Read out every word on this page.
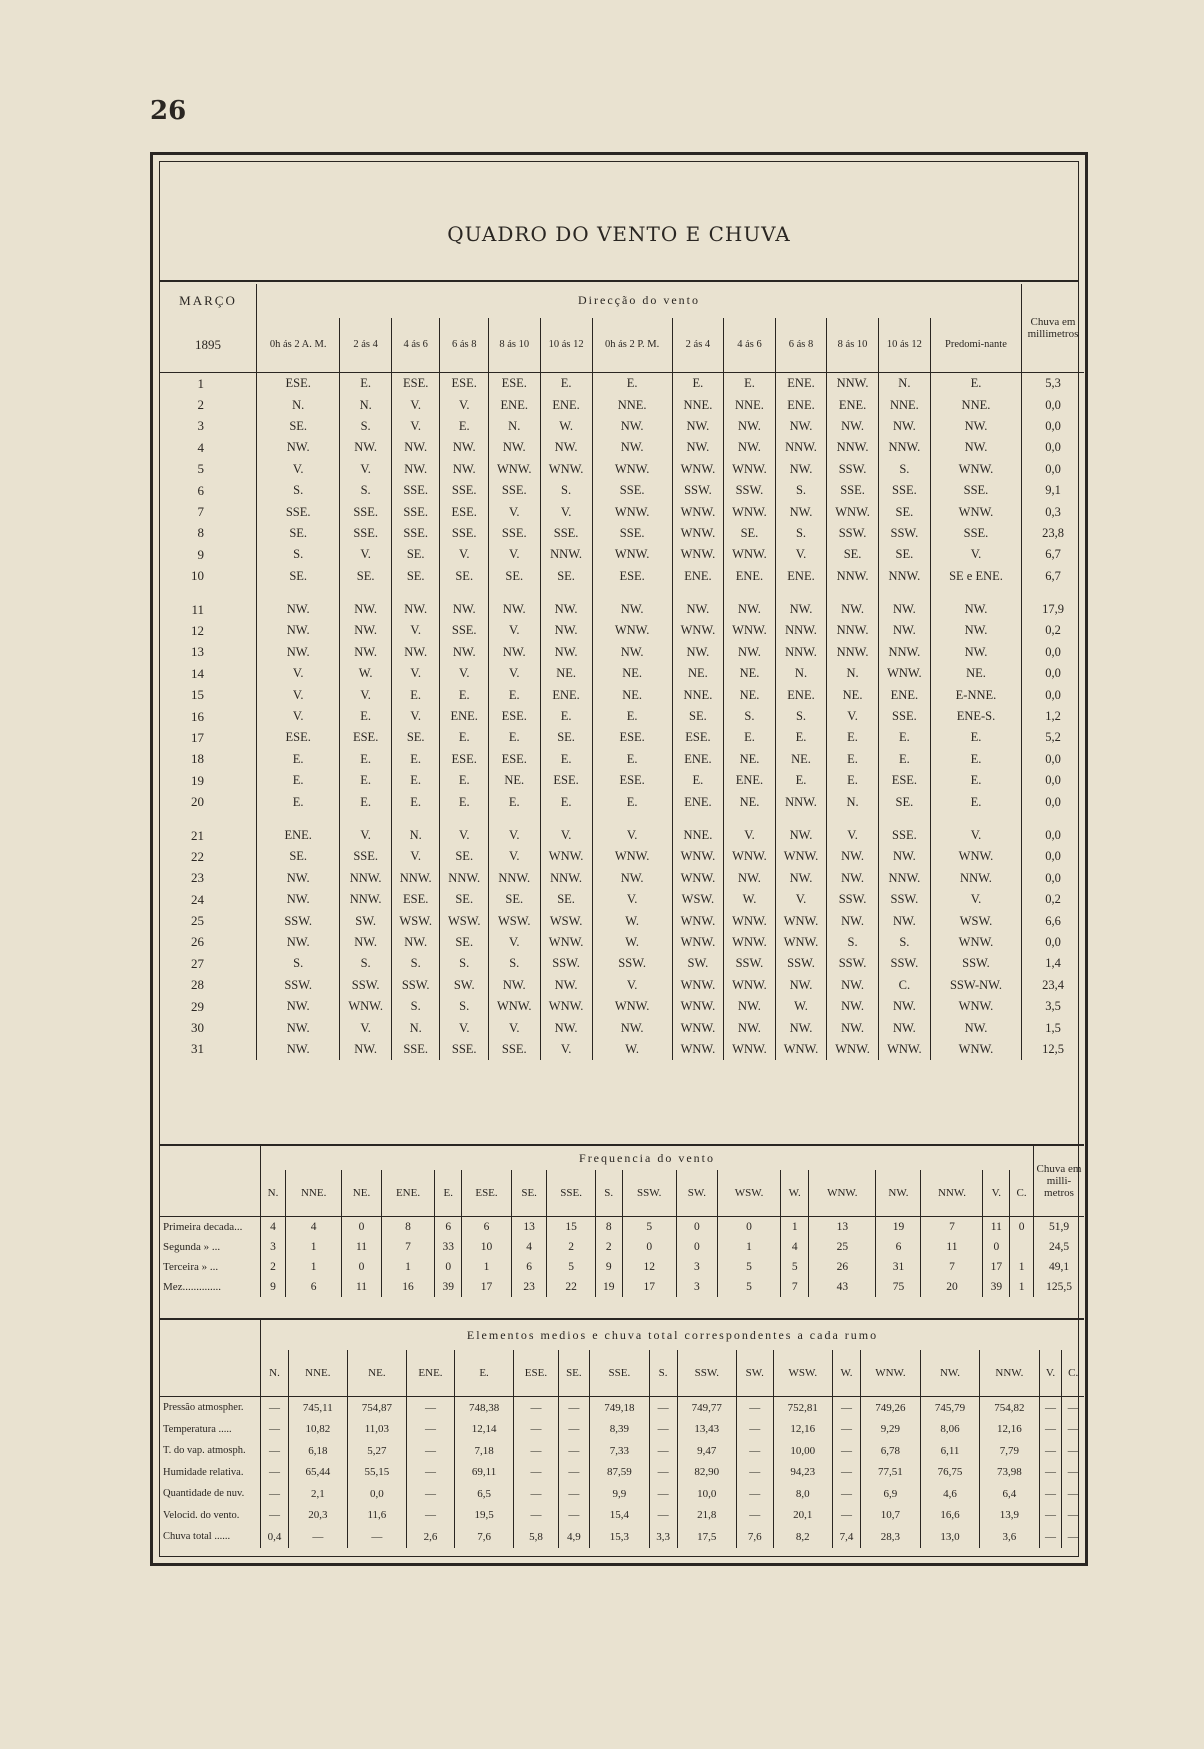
26
QUADRO DO VENTO E CHUVA
MARÇO	Direcção do vento													Chuva em millimetros
1895	0h ás 2 A. M.	2 ás 4	4 ás 6	6 ás 8	8 ás 10	10 ás 12	0h ás 2 P. M.	2 ás 4	4 ás 6	6 ás 8	8 ás 10	10 ás 12	Predomi-nante	
1	ESE.	E.	ESE.	ESE.	ESE.	E.	E.	E.	E.	ENE.	NNW.	N.	E.	5,3
2	N.	N.	V.	V.	ENE.	ENE.	NNE.	NNE.	NNE.	ENE.	ENE.	NNE.	NNE.	0,0
3	SE.	S.	V.	E.	N.	W.	NW.	NW.	NW.	NW.	NW.	NW.	NW.	0,0
4	NW.	NW.	NW.	NW.	NW.	NW.	NW.	NW.	NW.	NNW.	NNW.	NNW.	NW.	0,0
5	V.	V.	NW.	NW.	WNW.	WNW.	WNW.	WNW.	WNW.	NW.	SSW.	S.	WNW.	0,0
6	S.	S.	SSE.	SSE.	SSE.	S.	SSE.	SSW.	SSW.	S.	SSE.	SSE.	SSE.	9,1
7	SSE.	SSE.	SSE.	ESE.	V.	V.	WNW.	WNW.	WNW.	NW.	WNW.	SE.	WNW.	0,3
8	SE.	SSE.	SSE.	SSE.	SSE.	SSE.	SSE.	WNW.	SE.	S.	SSW.	SSW.	SSE.	23,8
9	S.	V.	SE.	V.	V.	NNW.	WNW.	WNW.	WNW.	V.	SE.	SE.	V.	6,7
10	SE.	SE.	SE.	SE.	SE.	SE.	ESE.	ENE.	ENE.	ENE.	NNW.	NNW.	SE e ENE.	6,7

11	NW.	NW.	NW.	NW.	NW.	NW.	NW.	NW.	NW.	NW.	NW.	NW.	NW.	17,9
12	NW.	NW.	V.	SSE.	V.	NW.	WNW.	WNW.	WNW.	NNW.	NNW.	NW.	NW.	0,2
13	NW.	NW.	NW.	NW.	NW.	NW.	NW.	NW.	NW.	NNW.	NNW.	NNW.	NW.	0,0
14	V.	W.	V.	V.	V.	NE.	NE.	NE.	NE.	N.	N.	WNW.	NE.	0,0
15	V.	V.	E.	E.	E.	ENE.	NE.	NNE.	NE.	ENE.	NE.	ENE.	E-NNE.	0,0
16	V.	E.	V.	ENE.	ESE.	E.	E.	SE.	S.	S.	V.	SSE.	ENE-S.	1,2
17	ESE.	ESE.	SE.	E.	E.	SE.	ESE.	ESE.	E.	E.	E.	E.	E.	5,2
18	E.	E.	E.	ESE.	ESE.	E.	E.	ENE.	NE.	NE.	E.	E.	E.	0,0
19	E.	E.	E.	E.	NE.	ESE.	ESE.	E.	ENE.	E.	E.	ESE.	E.	0,0
20	E.	E.	E.	E.	E.	E.	E.	ENE.	NE.	NNW.	N.	SE.	E.	0,0

21	ENE.	V.	N.	V.	V.	V.	V.	NNE.	V.	NW.	V.	SSE.	V.	0,0
22	SE.	SSE.	V.	SE.	V.	WNW.	WNW.	WNW.	WNW.	WNW.	NW.	NW.	WNW.	0,0
23	NW.	NNW.	NNW.	NNW.	NNW.	NNW.	NW.	WNW.	NW.	NW.	NW.	NNW.	NNW.	0,0
24	NW.	NNW.	ESE.	SE.	SE.	SE.	V.	WSW.	W.	V.	SSW.	SSW.	V.	0,2
25	SSW.	SW.	WSW.	WSW.	WSW.	WSW.	W.	WNW.	WNW.	WNW.	NW.	NW.	WSW.	6,6
26	NW.	NW.	NW.	SE.	V.	WNW.	W.	WNW.	WNW.	WNW.	S.	S.	WNW.	0,0
27	S.	S.	S.	S.	S.	SSW.	SSW.	SW.	SSW.	SSW.	SSW.	SSW.	SSW.	1,4
28	SSW.	SSW.	SSW.	SW.	NW.	NW.	V.	WNW.	WNW.	NW.	NW.	C.	SSW-NW.	23,4
29	NW.	WNW.	S.	S.	WNW.	WNW.	WNW.	WNW.	NW.	W.	NW.	NW.	WNW.	3,5
30	NW.	V.	N.	V.	V.	NW.	NW.	WNW.	NW.	NW.	NW.	NW.	NW.	1,5
31	NW.	NW.	SSE.	SSE.	SSE.	V.	W.	WNW.	WNW.	WNW.	WNW.	WNW.	WNW.	12,5
	Frequencia do vento																		Chuva em milli-metros
	N.	NNE.	NE.	ENE.	E.	ESE.	SE.	SSE.	S.	SSW.	SW.	WSW.	W.	WNW.	NW.	NNW.	V.	C.	
Primeira decada...	4	4	0	8	6	6	13	15	8	5	0	0	1	13	19	7	11	0	51,9
Segunda » ...	3	1	11	7	33	10	4	2	2	0	0	1	4	25	6	11	0		24,5
Terceira » ...	2	1	0	1	0	1	6	5	9	12	3	5	5	26	31	7	17	1	49,1
Mez..............	9	6	11	16	39	17	23	22	19	17	3	5	7	43	75	20	39	1	125,5
	Elementos medios e chuva total correspondentes a cada rumo																	
	N.	NNE.	NE.	ENE.	E.	ESE.	SE.	SSE.	S.	SSW.	SW.	WSW.	W.	WNW.	NW.	NNW.	V.	C.
Pressão atmospher.	—	745,11	754,87	—	748,38	—	—	749,18	—	749,77	—	752,81	—	749,26	745,79	754,82	—	—
Temperatura .....	—	10,82	11,03	—	12,14	—	—	8,39	—	13,43	—	12,16	—	9,29	8,06	12,16	—	—
T. do vap. atmosph.	—	6,18	5,27	—	7,18	—	—	7,33	—	9,47	—	10,00	—	6,78	6,11	7,79	—	—
Humidade relativa.	—	65,44	55,15	—	69,11	—	—	87,59	—	82,90	—	94,23	—	77,51	76,75	73,98	—	—
Quantidade de nuv.	—	2,1	0,0	—	6,5	—	—	9,9	—	10,0	—	8,0	—	6,9	4,6	6,4	—	—
Velocid. do vento.	—	20,3	11,6	—	19,5	—	—	15,4	—	21,8	—	20,1	—	10,7	16,6	13,9	—	—
Chuva total ......	0,4	—	—	2,6	7,6	5,8	4,9	15,3	3,3	17,5	7,6	8,2	7,4	28,3	13,0	3,6	—	—
